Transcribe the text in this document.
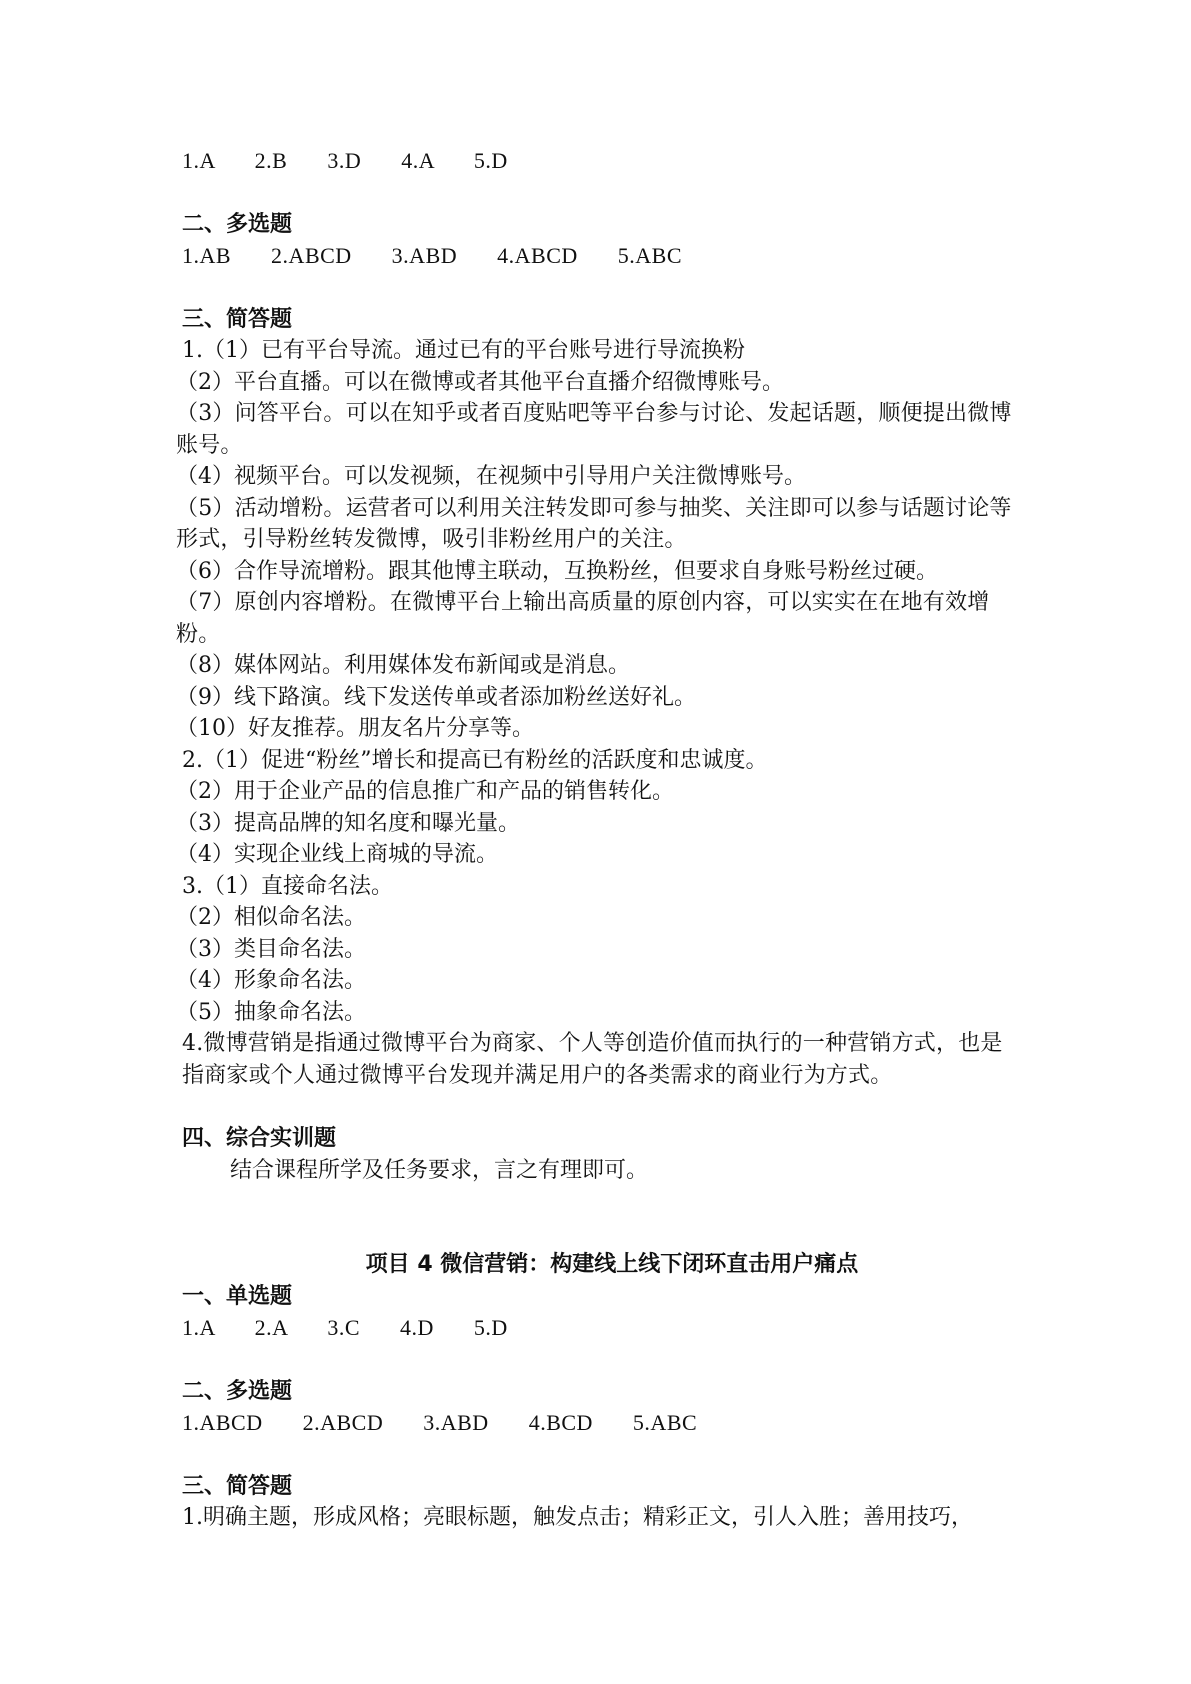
1.A  2.B  3.D  4.A  5.D
二、多选题
1.AB  2.ABCD  3.ABD  4.ABCD  5.ABC
三、简答题
1.（1）已有平台导流。通过已有的平台账号进行导流换粉
（2）平台直播。可以在微博或者其他平台直播介绍微博账号。
（3）问答平台。可以在知乎或者百度贴吧等平台参与讨论、发起话题，顺便提出微博账号。
（4）视频平台。可以发视频，在视频中引导用户关注微博账号。
（5）活动增粉。运营者可以利用关注转发即可参与抽奖、关注即可以参与话题讨论等形式，引导粉丝转发微博，吸引非粉丝用户的关注。
（6）合作导流增粉。跟其他博主联动，互换粉丝，但要求自身账号粉丝过硬。
（7）原创内容增粉。在微博平台上输出高质量的原创内容，可以实实在在地有效增粉。
（8）媒体网站。利用媒体发布新闻或是消息。
（9）线下路演。线下发送传单或者添加粉丝送好礼。
（10）好友推荐。朋友名片分享等。
2.（1）促进“粉丝”增长和提高已有粉丝的活跃度和忠诚度。
（2）用于企业产品的信息推广和产品的销售转化。
（3）提高品牌的知名度和曝光量。
（4）实现企业线上商城的导流。
3.（1）直接命名法。
（2）相似命名法。
（3）类目命名法。
（4）形象命名法。
（5）抽象命名法。
4.微博营销是指通过微博平台为商家、个人等创造价值而执行的一种营销方式，也是指商家或个人通过微博平台发现并满足用户的各类需求的商业行为方式。
四、综合实训题
结合课程所学及任务要求，言之有理即可。
项目 4 微信营销：构建线上线下闭环直击用户痛点
一、单选题
1.A  2.A  3.C  4.D  5.D
二、多选题
1.ABCD  2.ABCD  3.ABD  4.BCD  5.ABC
三、简答题
1.明确主题，形成风格；亮眼标题，触发点击；精彩正文，引人入胜；善用技巧，
